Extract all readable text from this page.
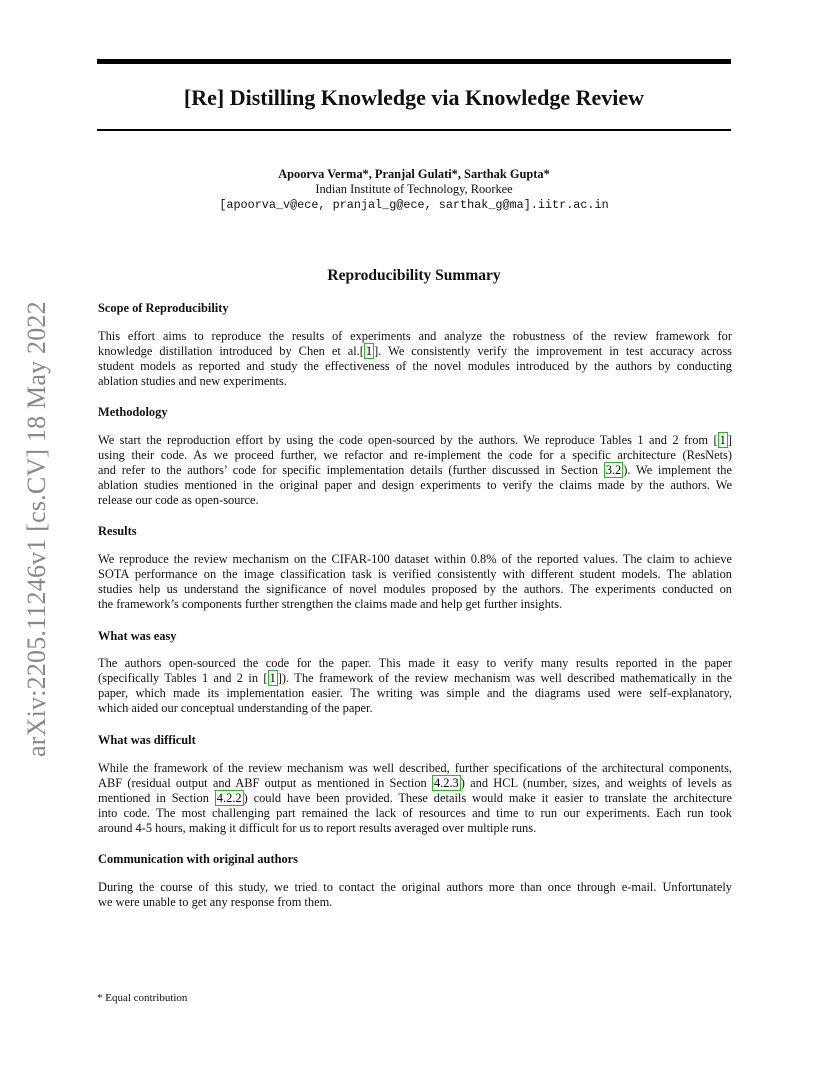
[Re] Distilling Knowledge via Knowledge Review
Apoorva Verma*, Pranjal Gulati*, Sarthak Gupta*
Indian Institute of Technology, Roorkee
[apoorva_v@ece, pranjal_g@ece, sarthak_g@ma].iitr.ac.in
arXiv:2205.11246v1 [cs.CV] 18 May 2022
Reproducibility Summary
Scope of Reproducibility
This effort aims to reproduce the results of experiments and analyze the robustness of the review framework for
knowledge distillation introduced by Chen et al.[ 1 ]. We consistently verify the improvement in test accuracy across
student models as reported and study the effectiveness of the novel modules introduced by the authors by conducting
ablation studies and new experiments.
Methodology
We start the reproduction effort by using the code open-sourced by the authors. We reproduce Tables 1 and 2 from [ 1 ]
using their code. As we proceed further, we refactor and re-implement the code for a specific architecture (ResNets)
and refer to the authors’ code for specific implementation details (further discussed in Section 3.2 ). We implement the
ablation studies mentioned in the original paper and design experiments to verify the claims made by the authors. We
release our code as open-source.
Results
We reproduce the review mechanism on the CIFAR-100 dataset within 0.8% of the reported values. The claim to achieve
SOTA performance on the image classification task is verified consistently with different student models. The ablation
studies help us understand the significance of novel modules proposed by the authors. The experiments conducted on
the framework’s components further strengthen the claims made and help get further insights.
What was easy
The authors open-sourced the code for the paper. This made it easy to verify many results reported in the paper
(specifically Tables 1 and 2 in [ 1 ]). The framework of the review mechanism was well described mathematically in the
paper, which made its implementation easier. The writing was simple and the diagrams used were self-explanatory,
which aided our conceptual understanding of the paper.
What was difficult
While the framework of the review mechanism was well described, further specifications of the architectural components,
ABF (residual output and ABF output as mentioned in Section 4.2.3 ) and HCL (number, sizes, and weights of levels as
mentioned in Section 4.2.2 ) could have been provided. These details would make it easier to translate the architecture
into code. The most challenging part remained the lack of resources and time to run our experiments. Each run took
around 4-5 hours, making it difficult for us to report results averaged over multiple runs.
Communication with original authors
During the course of this study, we tried to contact the original authors more than once through e-mail. Unfortunately
we were unable to get any response from them.
* Equal contribution
